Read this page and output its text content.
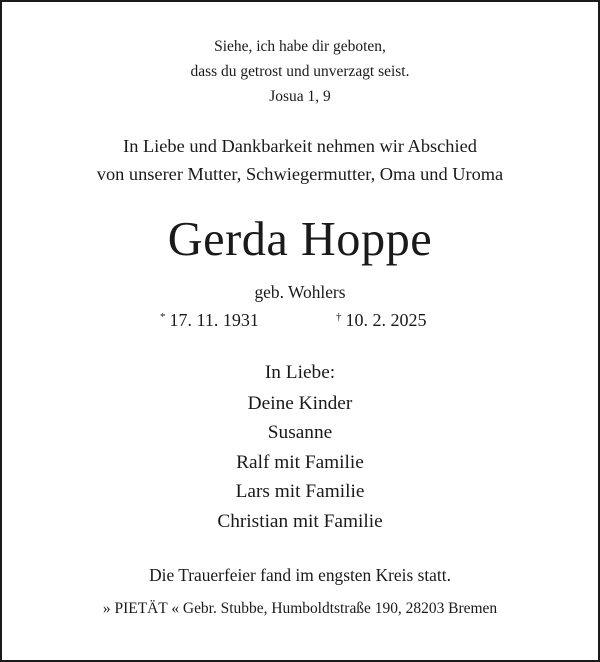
Siehe, ich habe dir geboten,
dass du getrost und unverzagt seist.
Josua 1, 9
In Liebe und Dankbarkeit nehmen wir Abschied
von unserer Mutter, Schwiegermutter, Oma und Uroma
Gerda Hoppe
geb. Wohlers
* 17. 11. 1931	† 10. 2. 2025
In Liebe:
Deine Kinder
Susanne
Ralf mit Familie
Lars mit Familie
Christian mit Familie
Die Trauerfeier fand im engsten Kreis statt.
» PIETÄT « Gebr. Stubbe, Humboldtstraße 190, 28203 Bremen
